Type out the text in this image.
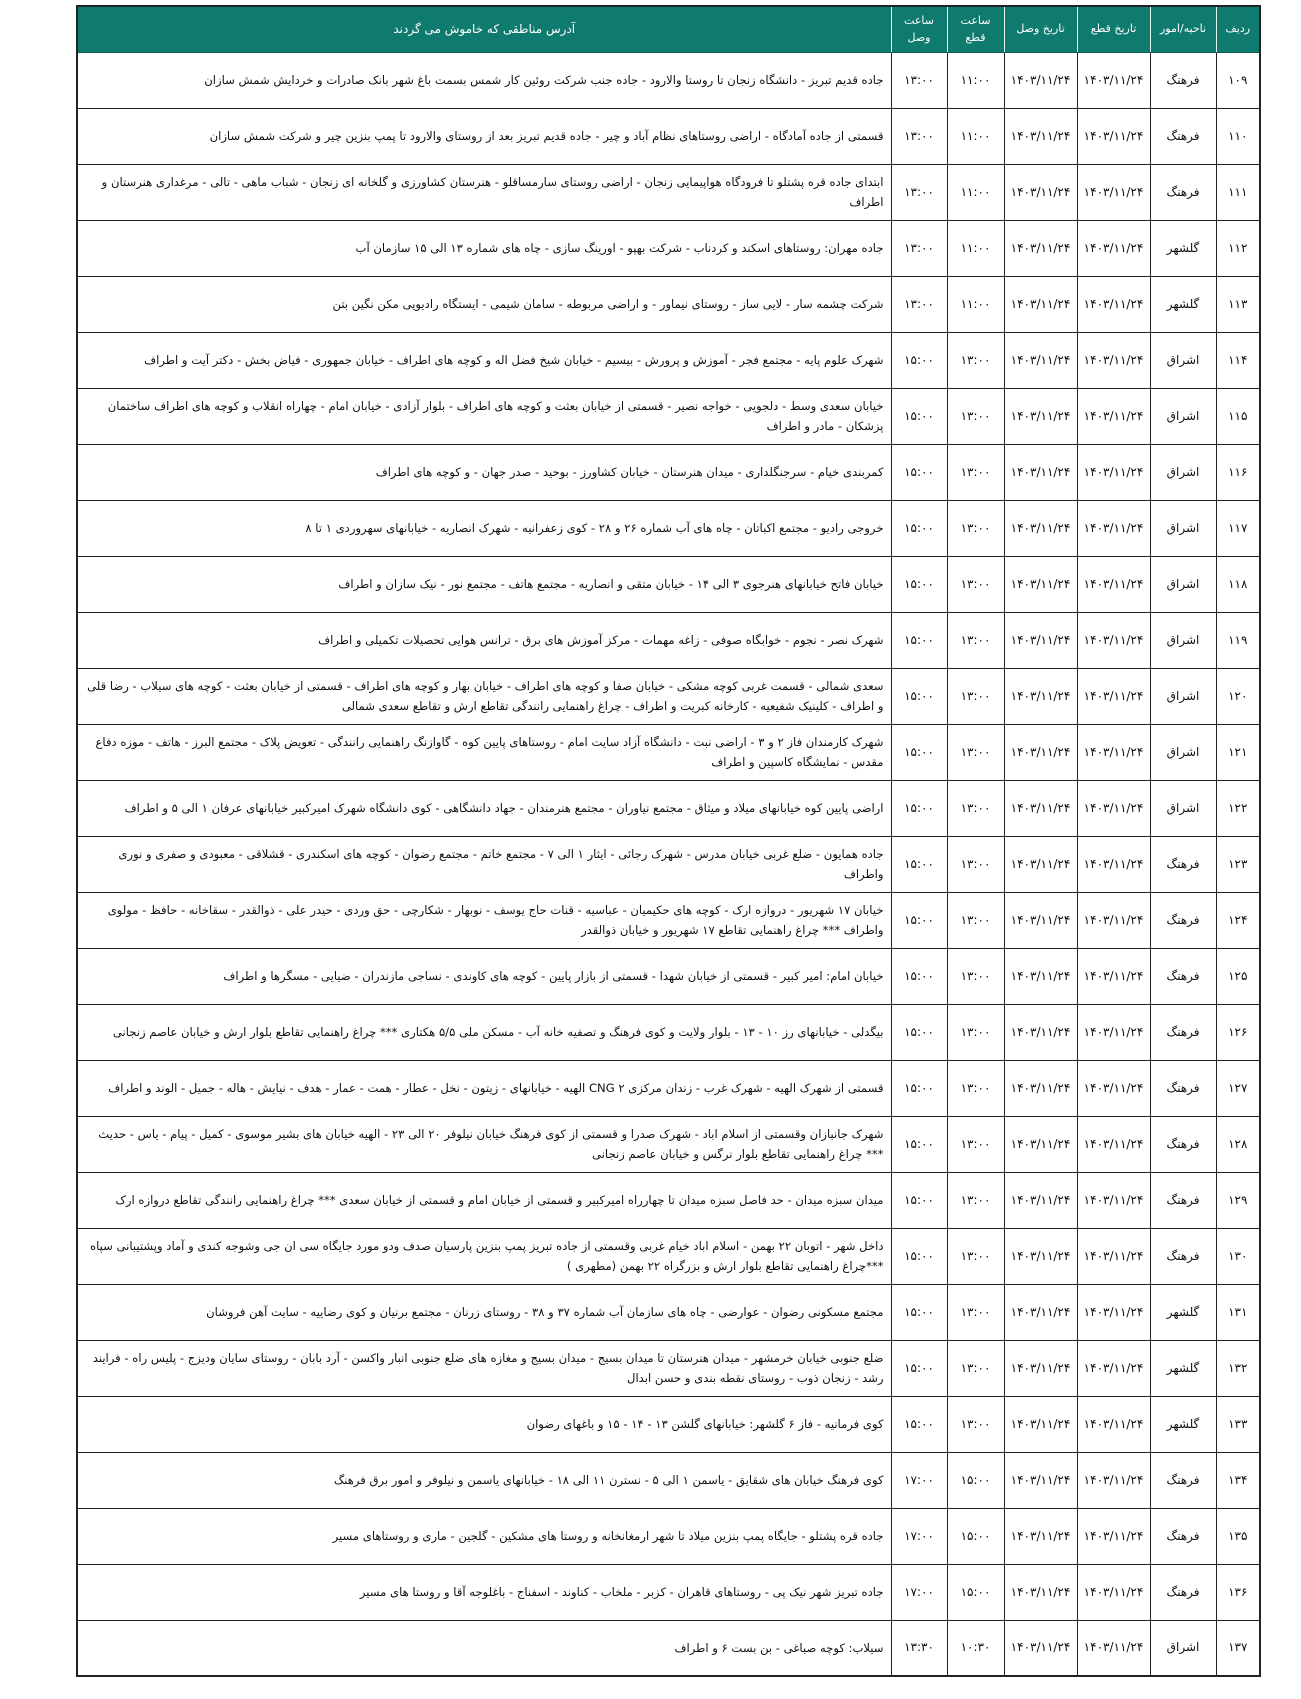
ردیف	ناحیه/امور	تاریخ قطع	تاریخ وصل	ساعت قطع	ساعت وصل	آدرس مناطقی که خاموش می گردند
۱۰۹	فرهنگ	۱۴۰۳/۱۱/۲۴	۱۴۰۳/۱۱/۲۴	۱۱:۰۰	۱۳:۰۰	جاده قدیم تبریز - دانشگاه زنجان تا روستا والارود - جاده جنب شرکت روئین کار شمس بسمت باغ شهر بانک صادرات و خردایش شمش سازان
۱۱۰	فرهنگ	۱۴۰۳/۱۱/۲۴	۱۴۰۳/۱۱/۲۴	۱۱:۰۰	۱۳:۰۰	قسمتی از جاده آمادگاه - اراضی روستاهای نظام آباد و چیر - جاده قدیم تبریز بعد از روستای والارود تا پمپ بنزین چیر و شرکت شمش سازان
۱۱۱	فرهنگ	۱۴۰۳/۱۱/۲۴	۱۴۰۳/۱۱/۲۴	۱۱:۰۰	۱۳:۰۰	ابتدای جاده قره پشتلو تا فرودگاه هواپیمایی زنجان - اراضی روستای سارمساقلو - هنرستان کشاورزی و گلخانه ای زنجان - شباب ماهی - تالی - مرغداری هنرستان و اطراف
۱۱۲	گلشهر	۱۴۰۳/۱۱/۲۴	۱۴۰۳/۱۱/۲۴	۱۱:۰۰	۱۳:۰۰	جاده مهران: روستاهای اسکند و کردناب - شرکت بهپو - اورینگ سازی - چاه های شماره ۱۳ الی ۱۵ سازمان آب
۱۱۳	گلشهر	۱۴۰۳/۱۱/۲۴	۱۴۰۳/۱۱/۲۴	۱۱:۰۰	۱۳:۰۰	شرکت چشمه سار - لایی ساز - روستای نیماور - و اراضی مربوطه - سامان شیمی - ایستگاه رادیویی مکن نگین بتن
۱۱۴	اشراق	۱۴۰۳/۱۱/۲۴	۱۴۰۳/۱۱/۲۴	۱۳:۰۰	۱۵:۰۰	شهرک علوم پایه - مجتمع فجر - آموزش و پرورش - بیسیم - خیابان شیخ فضل اله و کوچه های اطراف - خیابان جمهوری - فیاض بخش - دکتر آیت و اطراف
۱۱۵	اشراق	۱۴۰۳/۱۱/۲۴	۱۴۰۳/۱۱/۲۴	۱۳:۰۰	۱۵:۰۰	خیابان سعدی وسط - دلجویی - خواجه نصیر - قسمتی از خیابان بعثت و کوچه های اطراف - بلوار آزادی - خیابان امام - چهاراه انقلاب و کوچه های اطراف ساختمان پزشکان - مادر و اطراف
۱۱۶	اشراق	۱۴۰۳/۱۱/۲۴	۱۴۰۳/۱۱/۲۴	۱۳:۰۰	۱۵:۰۰	کمربندی خیام - سرجنگلداری - میدان هنرستان - خیابان کشاورز - بوحید - صدر جهان - و کوچه های اطراف
۱۱۷	اشراق	۱۴۰۳/۱۱/۲۴	۱۴۰۳/۱۱/۲۴	۱۳:۰۰	۱۵:۰۰	خروجی رادیو - مجتمع اکباتان - چاه های آب شماره ۲۶ و ۲۸ - کوی زعفرانیه - شهرک انصاریه - خیابانهای سهروردی ۱ تا ۸
۱۱۸	اشراق	۱۴۰۳/۱۱/۲۴	۱۴۰۳/۱۱/۲۴	۱۳:۰۰	۱۵:۰۰	خیابان فاتح خیابانهای هنرجوی ۳ الی ۱۴ - خیابان متقی و انصاریه - مجتمع هاتف - مجتمع نور - نیک سازان و اطراف
۱۱۹	اشراق	۱۴۰۳/۱۱/۲۴	۱۴۰۳/۱۱/۲۴	۱۳:۰۰	۱۵:۰۰	شهرک نصر - نجوم - خوابگاه صوفی - زاغه مهمات - مرکز آموزش های برق - ترانس هوایی تحصیلات تکمیلی و اطراف
۱۲۰	اشراق	۱۴۰۳/۱۱/۲۴	۱۴۰۳/۱۱/۲۴	۱۳:۰۰	۱۵:۰۰	سعدی شمالی - قسمت غربی کوچه مشکی - خیابان صفا و کوچه های اطراف - خیابان بهار و کوچه های اطراف - قسمتی از خیابان بعثت - کوچه های سیلاب - رضا قلی و اطراف - کلینیک شفیعیه - کارخانه کبریت و اطراف - چراغ راهنمایی رانندگی تقاطع ارش و تقاطع سعدی شمالی
۱۲۱	اشراق	۱۴۰۳/۱۱/۲۴	۱۴۰۳/۱۱/۲۴	۱۳:۰۰	۱۵:۰۰	شهرک کارمندان فاز ۲ و ۳ - اراضی نبت - دانشگاه آزاد سایت امام - روستاهای پایین کوه - گاوازنگ راهنمایی رانندگی - تعویض پلاک - مجتمع البرز - هاتف - موزه دفاع مقدس - نمایشگاه کاسپین و اطراف
۱۲۲	اشراق	۱۴۰۳/۱۱/۲۴	۱۴۰۳/۱۱/۲۴	۱۳:۰۰	۱۵:۰۰	اراضی پایین کوه خیابانهای میلاد و میثاق - مجتمع نیاوران - مجتمع هنرمندان - جهاد دانشگاهی - کوی دانشگاه شهرک امیرکبیر خیابانهای عرفان ۱ الی ۵ و اطراف
۱۲۳	فرهنگ	۱۴۰۳/۱۱/۲۴	۱۴۰۳/۱۱/۲۴	۱۳:۰۰	۱۵:۰۰	جاده همایون - ضلع غربی خیابان مدرس - شهرک رجائی - ایثار ۱ الی ۷ - مجتمع خاتم - مجتمع رضوان - کوچه های اسکندری - قشلاقی - معبودی و صفری و نوری واطراف
۱۲۴	فرهنگ	۱۴۰۳/۱۱/۲۴	۱۴۰۳/۱۱/۲۴	۱۳:۰۰	۱۵:۰۰	خیابان ۱۷ شهریور - دروازه ارک - کوچه های حکیمیان - عباسیه - قنات حاج یوسف - نوبهار - شکارچی - حق وردی - حیدر علی - ذوالقدر - سقاخانه - حافظ - مولوی واطراف *** چراغ راهنمایی تقاطع ۱۷ شهریور و خیابان ذوالقدر
۱۲۵	فرهنگ	۱۴۰۳/۱۱/۲۴	۱۴۰۳/۱۱/۲۴	۱۳:۰۰	۱۵:۰۰	خیابان امام: امیر کبیر - قسمتی از خیابان شهدا - قسمتی از بازار پایین - کوچه های کاوندی - نساجی مازندران - ضیایی - مسگرها و اطراف
۱۲۶	فرهنگ	۱۴۰۳/۱۱/۲۴	۱۴۰۳/۱۱/۲۴	۱۳:۰۰	۱۵:۰۰	بیگدلی - خیابانهای رز ۱۰ - ۱۳ - بلوار ولایت و کوی فرهنگ و تصفیه خانه آب - مسکن ملی ۵/۵ هکتاری *** چراغ راهنمایی تقاطع بلوار ارش و خیابان عاصم زنجانی
۱۲۷	فرهنگ	۱۴۰۳/۱۱/۲۴	۱۴۰۳/۱۱/۲۴	۱۳:۰۰	۱۵:۰۰	قسمتی از شهرک الهیه - شهرک غرب - زندان مرکزی CNG ۲ الهیه - خیابانهای - زیتون - نخل - عطار - همت - عمار - هدف - نیایش - هاله - جمیل - الوند و اطراف
۱۲۸	فرهنگ	۱۴۰۳/۱۱/۲۴	۱۴۰۳/۱۱/۲۴	۱۳:۰۰	۱۵:۰۰	شهرک جانبازان وقسمتی از اسلام اباد - شهرک صدرا و قسمتی از کوی فرهنگ خیابان نیلوفر ۲۰ الی ۲۳ - الهیه خیابان های بشیر موسوی - کمیل - پیام - یاس - حدیث *** چراغ راهنمایی تقاطع بلوار نرگس و خیابان عاصم زنجانی
۱۲۹	فرهنگ	۱۴۰۳/۱۱/۲۴	۱۴۰۳/۱۱/۲۴	۱۳:۰۰	۱۵:۰۰	میدان سبزه میدان - حد فاصل سبزه میدان تا چهارراه امیرکبیر و قسمتی از خیابان امام و قسمتی از خیابان سعدی *** چراغ راهنمایی رانندگی تقاطع دروازه ارک
۱۳۰	فرهنگ	۱۴۰۳/۱۱/۲۴	۱۴۰۳/۱۱/۲۴	۱۳:۰۰	۱۵:۰۰	داخل شهر - اتوبان ۲۲ بهمن - اسلام اباد خیام غربی وقسمتی از جاده تبریز پمپ بنزین پارسیان صدف ودو مورد جایگاه سی ان جی وشوجه کندی و آماد وپشتیبانی سپاه ***چراغ راهنمایی تقاطع بلوار ارش و بزرگراه ۲۲ بهمن (مطهری )
۱۳۱	گلشهر	۱۴۰۳/۱۱/۲۴	۱۴۰۳/۱۱/۲۴	۱۳:۰۰	۱۵:۰۰	مجتمع مسکونی رضوان - عوارضی - چاه های سازمان آب شماره ۳۷ و ۳۸ - روستای زرنان - مجتمع برنیان و کوی رضاییه - سایت آهن فروشان
۱۳۲	گلشهر	۱۴۰۳/۱۱/۲۴	۱۴۰۳/۱۱/۲۴	۱۳:۰۰	۱۵:۰۰	ضلع جنوبی خیابان خرمشهر - میدان هنرستان تا میدان بسیج - میدان بسیج و مغازه های ضلع جنوبی انبار واکسن - آرد بابان - روستای سایان ودیزج - پلیس راه - فرایند رشد - زنجان ذوب - روستای نقطه بندی و حسن ابدال
۱۳۳	گلشهر	۱۴۰۳/۱۱/۲۴	۱۴۰۳/۱۱/۲۴	۱۳:۰۰	۱۵:۰۰	کوی فرمانیه - فاز ۶ گلشهر: خیابانهای گلشن ۱۳ - ۱۴ - ۱۵ و باغهای رضوان
۱۳۴	فرهنگ	۱۴۰۳/۱۱/۲۴	۱۴۰۳/۱۱/۲۴	۱۵:۰۰	۱۷:۰۰	کوی فرهنگ خیابان های شقایق - یاسمن ۱ الی ۵ - نسترن ۱۱ الی ۱۸ - خیابانهای یاسمن و نیلوفر و امور برق فرهنگ
۱۳۵	فرهنگ	۱۴۰۳/۱۱/۲۴	۱۴۰۳/۱۱/۲۴	۱۵:۰۰	۱۷:۰۰	جاده قره پشتلو - جایگاه پمپ بنزین میلاد تا شهر ارمغانخانه و روستا های مشکین - گلجین - ماری و روستاهای مسیر
۱۳۶	فرهنگ	۱۴۰۳/۱۱/۲۴	۱۴۰۳/۱۱/۲۴	۱۵:۰۰	۱۷:۰۰	جاده تبریز شهر نیک پی - روستاهای قاهران - کزبر - ملخاب - کناوند - اسفناج - باغلوجه آقا و روستا های مسیر
۱۳۷	اشراق	۱۴۰۳/۱۱/۲۴	۱۴۰۳/۱۱/۲۴	۱۰:۳۰	۱۳:۳۰	سیلاب: کوچه صباغی - بن بست ۶ و اطراف
